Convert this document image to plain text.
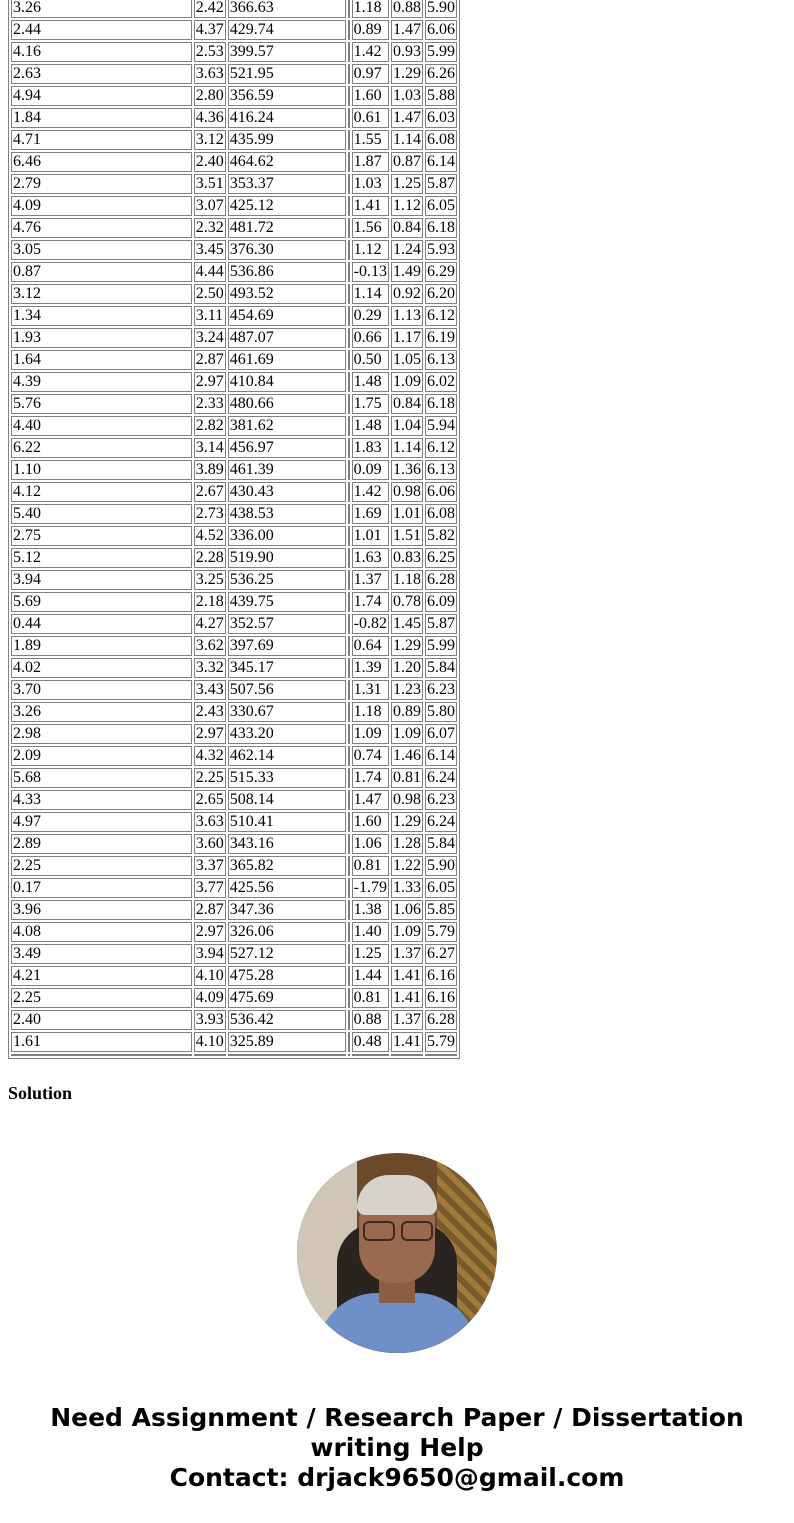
3.26	2.42	366.63		1.18	0.88	5.90
2.44	4.37	429.74		0.89	1.47	6.06
4.16	2.53	399.57		1.42	0.93	5.99
2.63	3.63	521.95		0.97	1.29	6.26
4.94	2.80	356.59		1.60	1.03	5.88
1.84	4.36	416.24		0.61	1.47	6.03
4.71	3.12	435.99		1.55	1.14	6.08
6.46	2.40	464.62		1.87	0.87	6.14
2.79	3.51	353.37		1.03	1.25	5.87
4.09	3.07	425.12		1.41	1.12	6.05
4.76	2.32	481.72		1.56	0.84	6.18
3.05	3.45	376.30		1.12	1.24	5.93
0.87	4.44	536.86		-0.13	1.49	6.29
3.12	2.50	493.52		1.14	0.92	6.20
1.34	3.11	454.69		0.29	1.13	6.12
1.93	3.24	487.07		0.66	1.17	6.19
1.64	2.87	461.69		0.50	1.05	6.13
4.39	2.97	410.84		1.48	1.09	6.02
5.76	2.33	480.66		1.75	0.84	6.18
4.40	2.82	381.62		1.48	1.04	5.94
6.22	3.14	456.97		1.83	1.14	6.12
1.10	3.89	461.39		0.09	1.36	6.13
4.12	2.67	430.43		1.42	0.98	6.06
5.40	2.73	438.53		1.69	1.01	6.08
2.75	4.52	336.00		1.01	1.51	5.82
5.12	2.28	519.90		1.63	0.83	6.25
3.94	3.25	536.25		1.37	1.18	6.28
5.69	2.18	439.75		1.74	0.78	6.09
0.44	4.27	352.57		-0.82	1.45	5.87
1.89	3.62	397.69		0.64	1.29	5.99
4.02	3.32	345.17		1.39	1.20	5.84
3.70	3.43	507.56		1.31	1.23	6.23
3.26	2.43	330.67		1.18	0.89	5.80
2.98	2.97	433.20		1.09	1.09	6.07
2.09	4.32	462.14		0.74	1.46	6.14
5.68	2.25	515.33		1.74	0.81	6.24
4.33	2.65	508.14		1.47	0.98	6.23
4.97	3.63	510.41		1.60	1.29	6.24
2.89	3.60	343.16		1.06	1.28	5.84
2.25	3.37	365.82		0.81	1.22	5.90
0.17	3.77	425.56		-1.79	1.33	6.05
3.96	2.87	347.36		1.38	1.06	5.85
4.08	2.97	326.06		1.40	1.09	5.79
3.49	3.94	527.12		1.25	1.37	6.27
4.21	4.10	475.28		1.44	1.41	6.16
2.25	4.09	475.69		0.81	1.41	6.16
2.40	3.93	536.42		0.88	1.37	6.28
1.61	4.10	325.89		0.48	1.41	5.79

Solution
Need Assignment / Research Paper / Dissertation
writing Help
Contact: drjack9650@gmail.com
